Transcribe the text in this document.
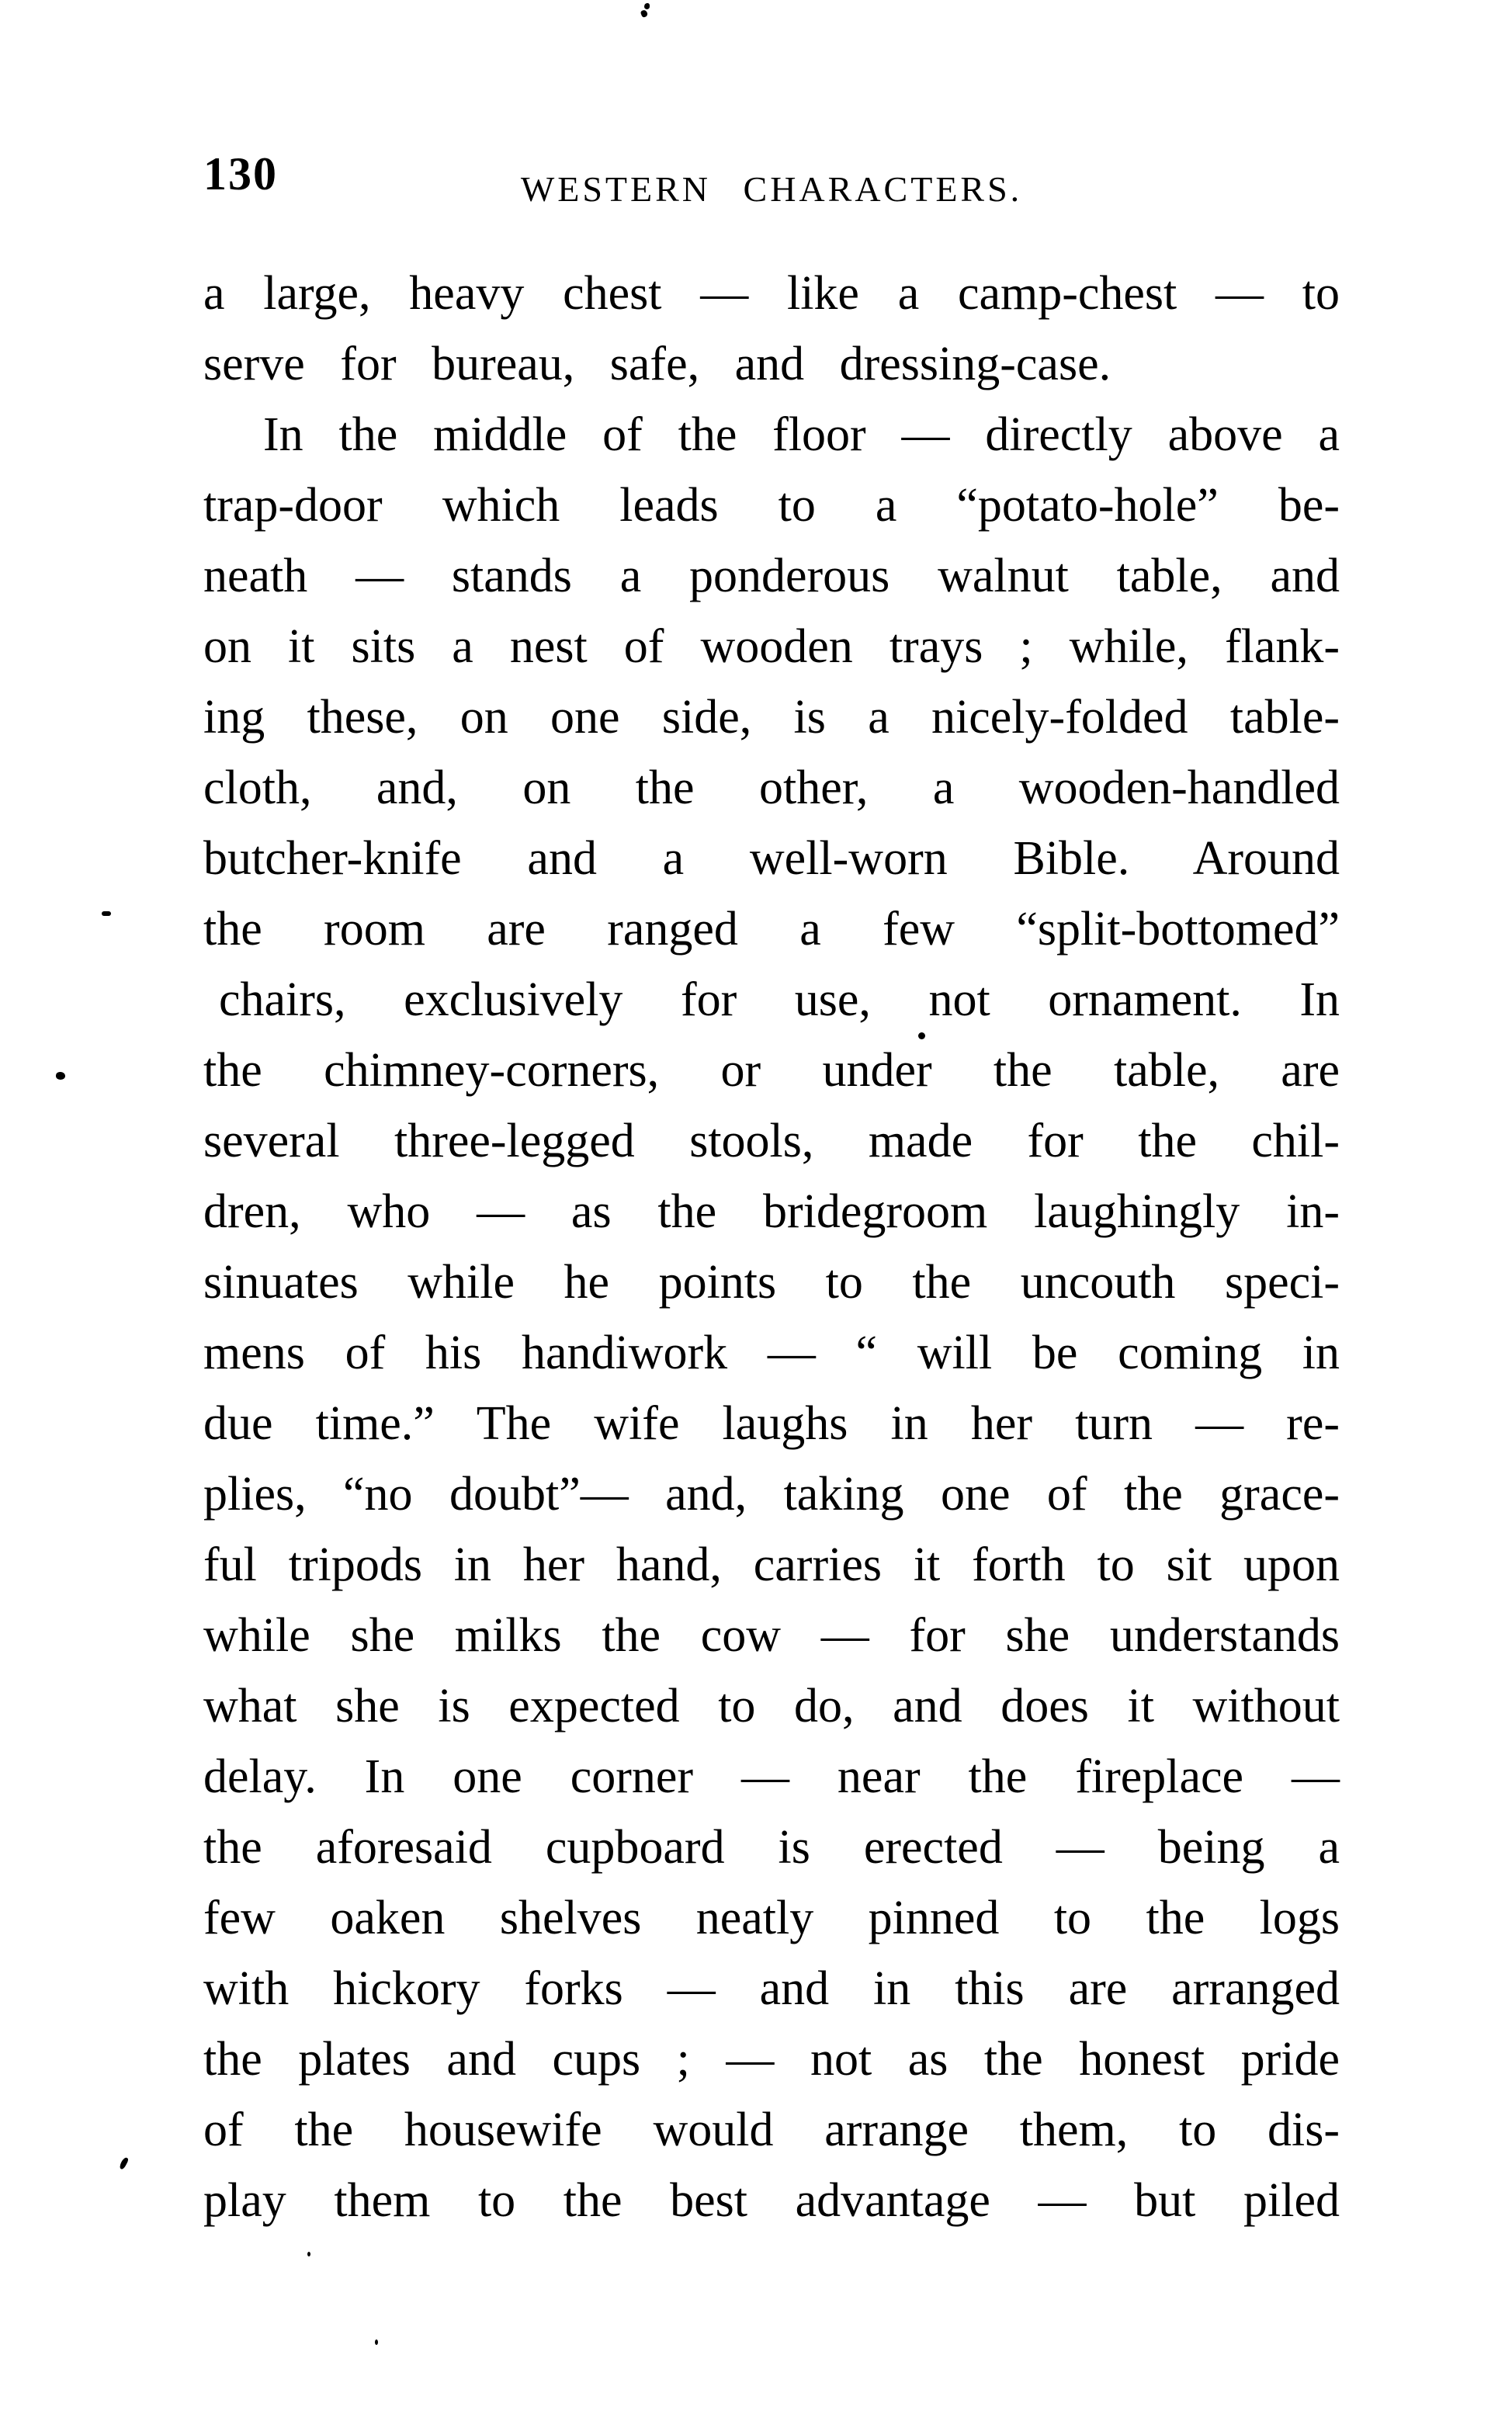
130	WESTERN CHARACTERS.
a large, heavy chest — like a camp-chest — to
serve for bureau, safe, and dressing-case.
In the middle of the floor — directly above a
trap-door which leads to a “potato-hole” be-
neath — stands a ponderous walnut table, and
on it sits a nest of wooden trays ; while, flank-
ing these, on one side, is a nicely-folded table-
cloth, and, on the other, a wooden-handled
butcher-knife and a well-worn Bible. Around
the room are ranged a few “split-bottomed”
chairs, exclusively for use, not ornament. In
the chimney-corners, or under the table, are
several three-legged stools, made for the chil-
dren, who — as the bridegroom laughingly in-
sinuates while he points to the uncouth speci-
mens of his handiwork — “ will be coming in
due time.” The wife laughs in her turn — re-
plies, “no doubt”— and, taking one of the grace-
ful tripods in her hand, carries it forth to sit upon
while she milks the cow — for she understands
what she is expected to do, and does it without
delay. In one corner — near the fireplace —
the aforesaid cupboard is erected — being a
few oaken shelves neatly pinned to the logs
with hickory forks — and in this are arranged
the plates and cups ; — not as the honest pride
of the housewife would arrange them, to dis-
play them to the best advantage — but piled
